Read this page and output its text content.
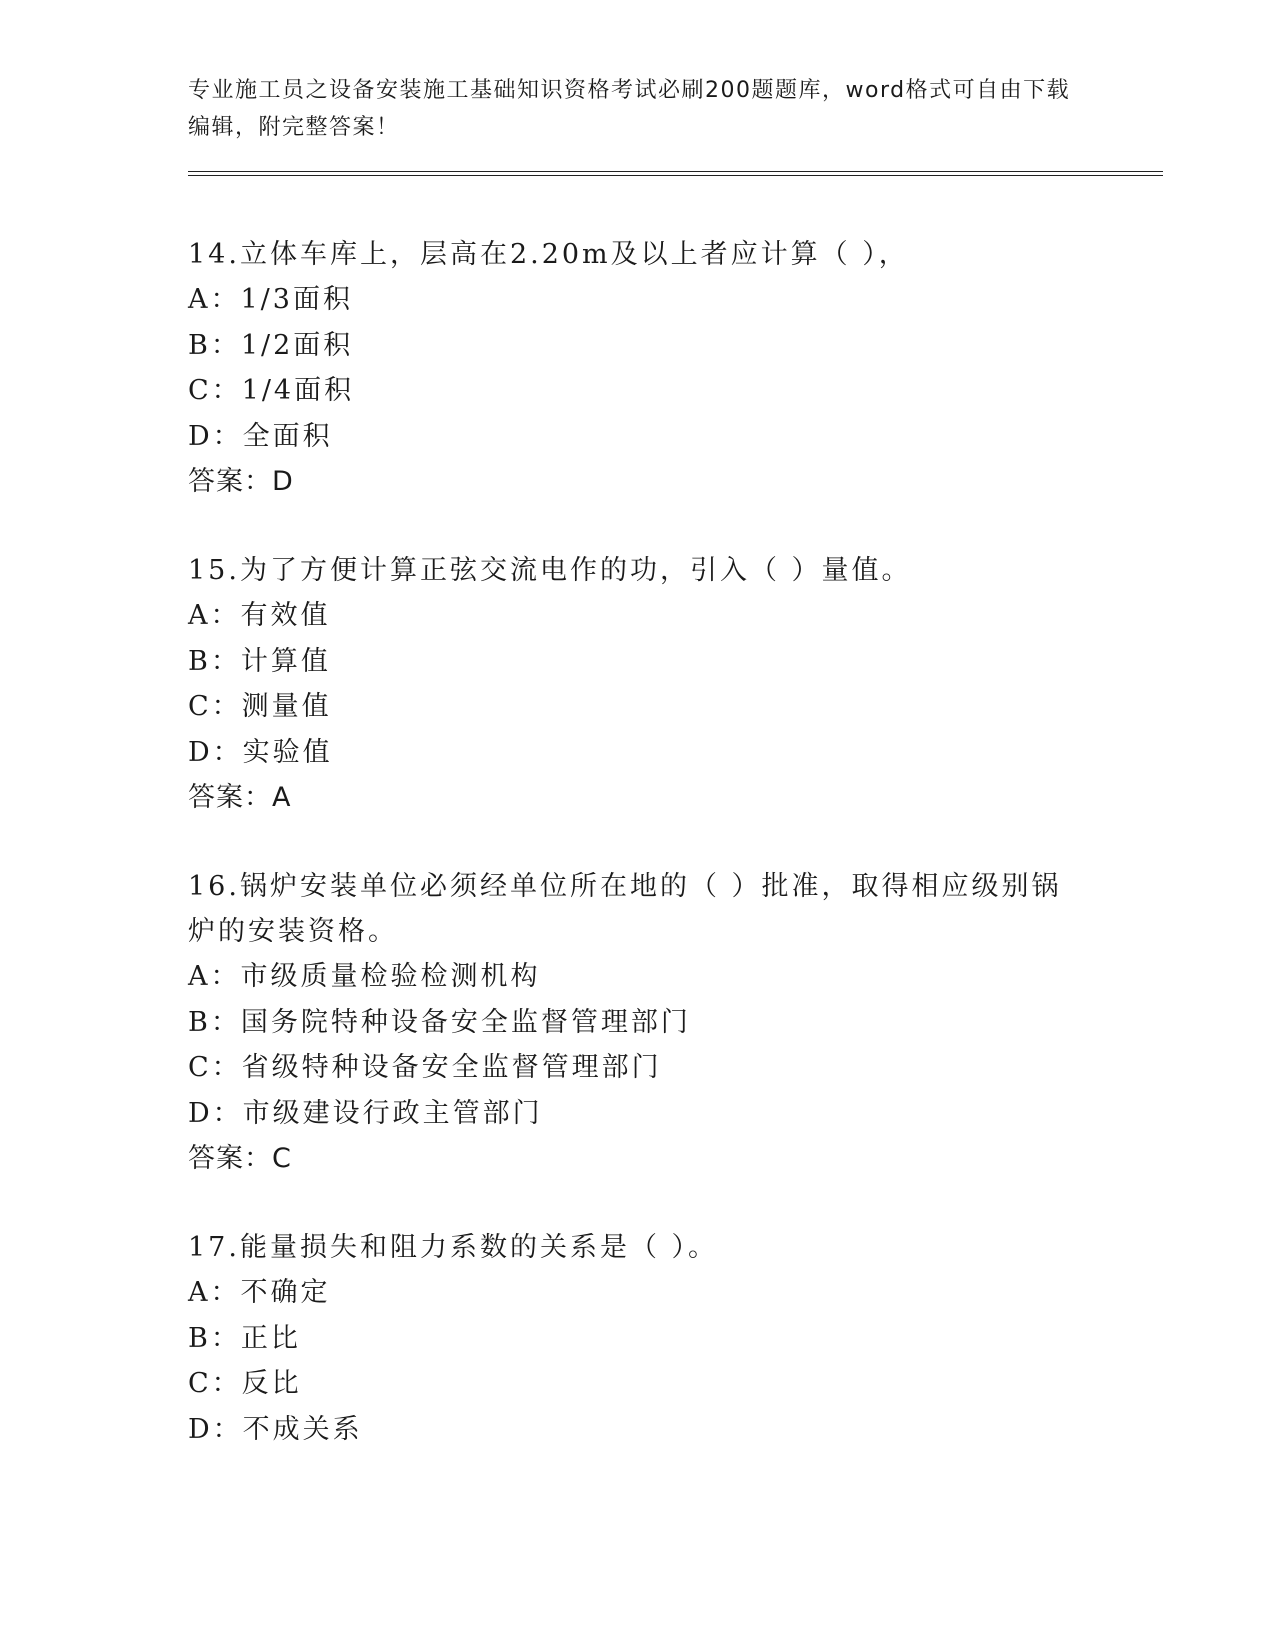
专业施工员之设备安装施工基础知识资格考试必刷200题题库，word格式可自由下载编辑，附完整答案！
14.立体车库上，层高在2.20m及以上者应计算（ ），
A：1/3面积
B：1/2面积
C：1/4面积
D：全面积
答案：D
15.为了方便计算正弦交流电作的功，引入（ ）量值。
A：有效值
B：计算值
C：测量值
D：实验值
答案：A
16.锅炉安装单位必须经单位所在地的（ ）批准，取得相应级别锅炉的安装资格。
A：市级质量检验检测机构
B：国务院特种设备安全监督管理部门
C：省级特种设备安全监督管理部门
D：市级建设行政主管部门
答案：C
17.能量损失和阻力系数的关系是（ ）。
A：不确定
B：正比
C：反比
D：不成关系
